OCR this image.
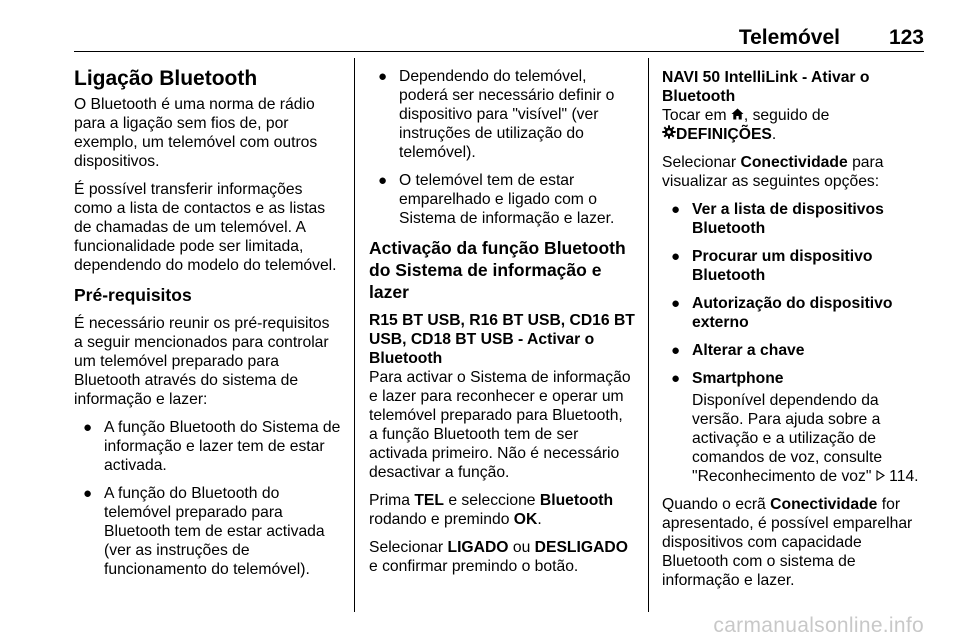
Telemóvel 123
Ligação Bluetooth

O Bluetooth é uma norma de rádio para a ligação sem fios de, por exemplo, um telemóvel com outros dispositivos.

É possível transferir informações como a lista de contactos e as listas de chamadas de um telemóvel. A funcionalidade pode ser limitada, dependendo do modelo do telemóvel.

Pré-requisitos

É necessário reunir os pré-requisitos a seguir mencionados para controlar um telemóvel preparado para Bluetooth através do sistema de informação e lazer:

● A função Bluetooth do Sistema de informação e lazer tem de estar activada.
● A função do Bluetooth do telemóvel preparado para Bluetooth tem de estar activada (ver as instruções de funcionamento do telemóvel).
● Dependendo do telemóvel, poderá ser necessário definir o dispositivo para "visível" (ver instruções de utilização do telemóvel).
● O telemóvel tem de estar emparelhado e ligado com o Sistema de informação e lazer.
Activação da função Bluetooth do Sistema de informação e lazer
R15 BT USB, R16 BT USB, CD16 BT USB, CD18 BT USB - Activar o Bluetooth

Para activar o Sistema de informação e lazer para reconhecer e operar um telemóvel preparado para Bluetooth, a função Bluetooth tem de ser activada primeiro. Não é necessário desactivar a função.

Prima TEL e seleccione Bluetooth rodando e premindo OK.

Selecionar LIGADO ou DESLIGADO e confirmar premindo o botão.

NAVI 50 IntelliLink - Ativar o Bluetooth

Tocar em , seguido de
DEFINIÇÕES.

Selecionar Conectividade para visualizar as seguintes opções:

● Ver a lista de dispositivos Bluetooth
● Procurar um dispositivo Bluetooth
● Autorização do dispositivo externo
● Alterar a chave
● Smartphone
Disponível dependendo da versão. Para ajuda sobre a activação e a utilização de comandos de voz, consulte "Reconhecimento de voz" 114.

Quando o ecrã Conectividade for apresentado, é possível emparelhar dispositivos com capacidade Bluetooth com o sistema de informação e lazer.

carmanualsonline.info
